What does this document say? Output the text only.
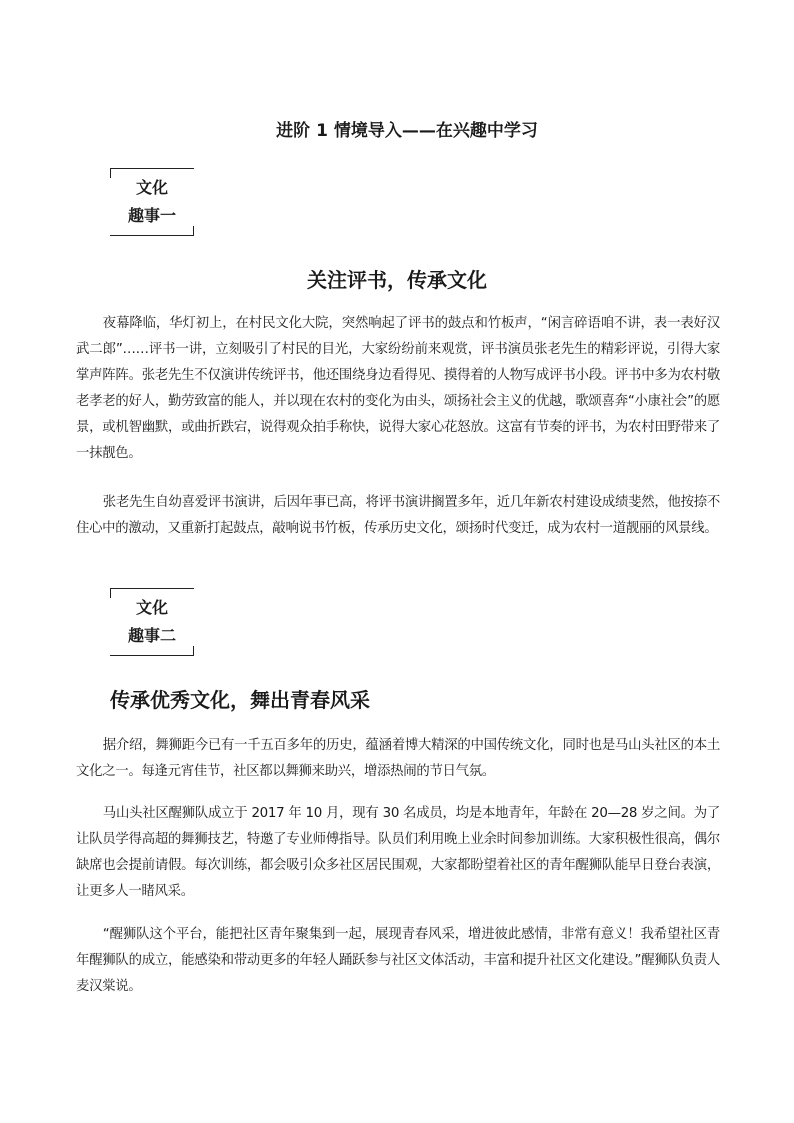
进阶 1 情境导入——在兴趣中学习
文化
趣事一
关注评书，传承文化

夜幕降临，华灯初上，在村民文化大院，突然响起了评书的鼓点和竹板声，“闲言碎语咱不讲，表一表好汉武二郎”……评书一讲，立刻吸引了村民的目光，大家纷纷前来观赏，评书演员张老先生的精彩评说，引得大家掌声阵阵。张老先生不仅演讲传统评书，他还围绕身边看得见、摸得着的人物写成评书小段。评书中多为农村敬老孝老的好人，勤劳致富的能人，并以现在农村的变化为由头，颂扬社会主义的优越，歌颂喜奔“小康社会”的愿景，或机智幽默，或曲折跌宕，说得观众拍手称快，说得大家心花怒放。这富有节奏的评书，为农村田野带来了一抹靓色。

张老先生自幼喜爱评书演讲，后因年事已高，将评书演讲搁置多年，近几年新农村建设成绩斐然，他按捺不住心中的激动，又重新打起鼓点，敲响说书竹板，传承历史文化，颂扬时代变迁，成为农村一道靓丽的风景线。

文化
趣事二
传承优秀文化，舞出青春风采

据介绍，舞狮距今已有一千五百多年的历史，蕴涵着博大精深的中国传统文化，同时也是马山头社区的本土文化之一。每逢元宵佳节，社区都以舞狮来助兴，增添热闹的节日气氛。

马山头社区醒狮队成立于 2017 年 10 月，现有 30 名成员，均是本地青年，年龄在 20—28 岁之间。为了让队员学得高超的舞狮技艺，特邀了专业师傅指导。队员们利用晚上业余时间参加训练。大家积极性很高，偶尔缺席也会提前请假。每次训练，都会吸引众多社区居民围观，大家都盼望着社区的青年醒狮队能早日登台表演，让更多人一睹风采。

“醒狮队这个平台，能把社区青年聚集到一起，展现青春风采，增进彼此感情，非常有意义！我希望社区青年醒狮队的成立，能感染和带动更多的年轻人踊跃参与社区文体活动，丰富和提升社区文化建设。”醒狮队负责人麦汉棠说。
